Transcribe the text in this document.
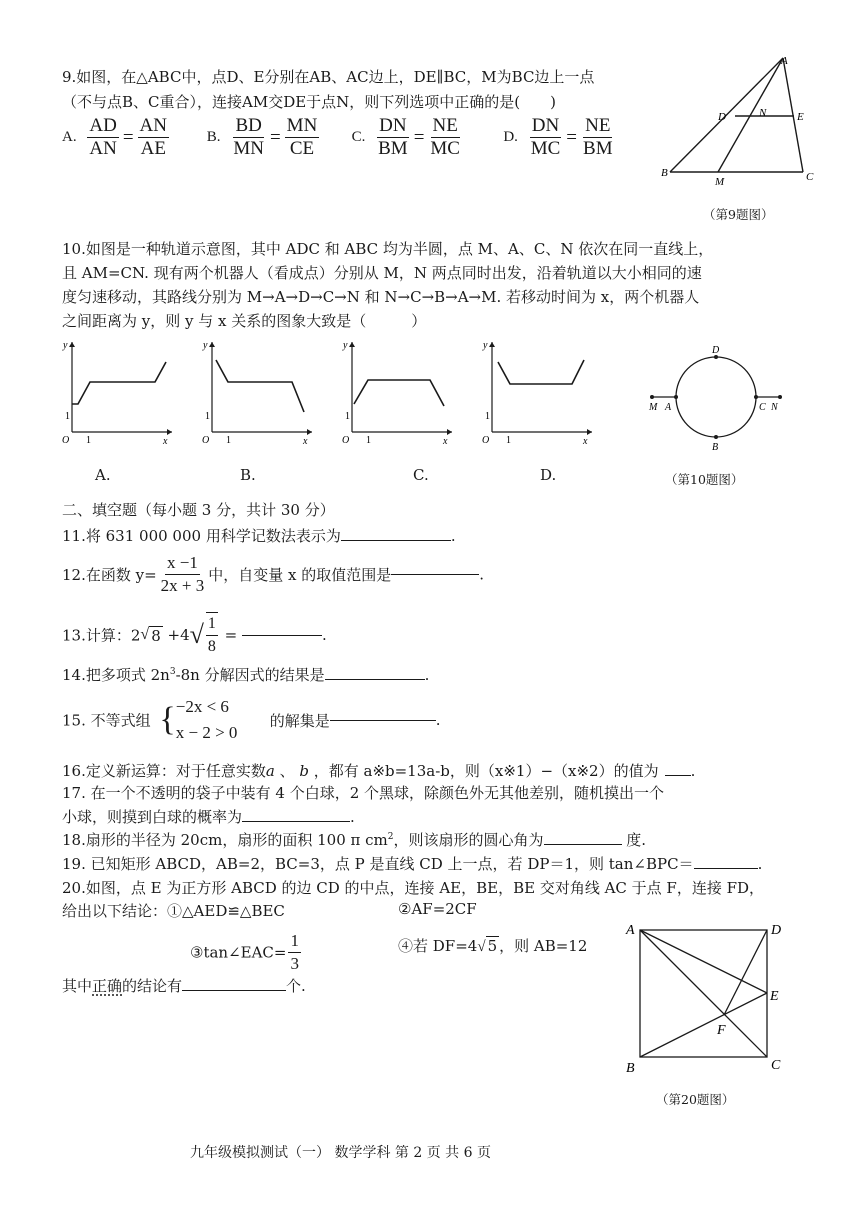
9.如图，在△ABC中，点D、E分别在AB、AC边上，DE∥BC，M为BC边上一点
（不与点B、C重合），连接AM交DE于点N，则下列选项中正确的是(　　)
A. $\frac{AD}{AN} = \frac{AN}{AE}$	B. $\frac{BD}{MN} = \frac{MN}{CE} C$. $\frac{DN}{BM} = \frac{NE}{MC}$	D. $\frac{DN}{MC} = \frac{NE}{BM}$
A
D	N	E
B
M	C
（第9题图）
10.如图是一种轨道示意图，其中 ADC 和 ABC 均为半圆，点 M、A、C、N 依次在同一直线上，
且 AM=CN. 现有两个机器人（看成点）分别从 M，N 两点同时出发，沿着轨道以大小相同的速
度匀速移动，其路线分别为 M→A→D→C→N 和 N→C→B→A→M. 若移动时间为 x，两个机器人
之间距离为 y，则 y 与 x 关系的图象大致是（　　　）
y
x
O 1
1
y
x
O 1
1
y
x
O 1
1
y
x
O 1
1
A.	B.	C.	D.
D
B
M A	C N
（第10题图）
二、填空题（每小题 3 分，共计 30 分）
11.将 631 000 000 用科学记数法表示为	.
12.在函数 $y= \frac{x -1}{2x + 3}$ 中，自变量 x 的取值范围是	.
13.计算：2√ $8 +4√ \frac{1}{8}$ =	.
14.把多项式 $2n^3-8n$ 分解因式的结果是	.
15. 不等式组 { −2x < 6
x − 2 > 0
的解集是	.
16.定义新运算：对于任意实数a 、 b ，都有 a※b=13a-b，则（x※1）−（x※2）的值为 .
17. 在一个不透明的袋子中装有 4 个白球，2 个黑球，除颜色外无其他差别，随机摸出一个
小球，则摸到白球的概率为	.
18.扇形的半径为 20cm，扇形的面积 100 π $cm^2$，则该扇形的圆心角为	度.
19. 已知矩形 ABCD，AB=2，BC=3，点 P 是直线 CD 上一点，若 DP＝1，则 tan∠BPC＝	.
20.如图，点 E 为正方形 ABCD 的边 CD 的中点，连接 AE，BE，BE 交对角线 AC 于点 F，连接 FD，
给出以下结论：①△AED≌△BEC	②AF=2CF
③tan∠EAC= $\frac{1}{3}$	④若 DF=4√ 5 ，则 AB=12
其中正确的结论有	个.
A	D
E
F
B	C
（第20题图）
九年级模拟测试（一） 数学学科 第 2 页 共 6 页
